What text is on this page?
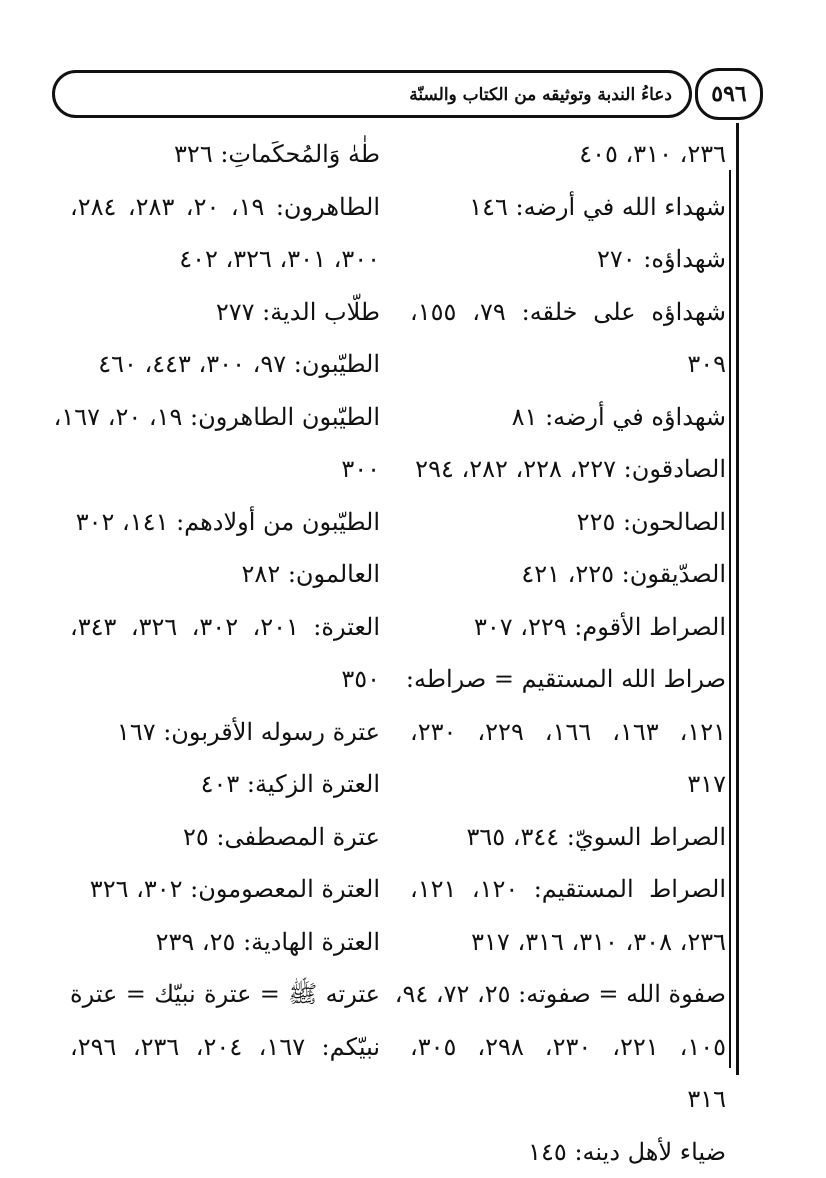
دعاءُ الندبة وتوثيقه من الكتاب والسنّة	٥٩٦
٢٣٦، ٣١٠، ٤٠٥
شهداء الله في أرضه: ١٤٦
شهداؤه: ٢٧٠
شهداؤه على خلقه: ٧٩، ١٥٥،
٣٠٩
شهداؤه في أرضه: ٨١
الصادقون: ٢٢٧، ٢٢٨، ٢٨٢، ٢٩٤
الصالحون: ٢٢٥
الصدّيقون: ٢٢٥، ٤٢١
الصراط الأقوم: ٢٢٩، ٣٠٧
صراط الله المستقيم = صراطه:
١٢١، ١٦٣، ١٦٦، ٢٢٩، ٢٣٠،
٣١٧
الصراط السويّ: ٣٤٤، ٣٦٥
الصراط المستقيم: ١٢٠، ١٢١،
٢٣٦، ٣٠٨، ٣١٠، ٣١٦، ٣١٧
صفوة الله = صفوته: ٢٥، ٧٢، ٩٤،
١٠٥، ٢٢١، ٢٣٠، ٢٩٨، ٣٠٥،
٣١٦
ضياء لأهل دينه: ١٤٥
طٰهٰ وَالمُحكَماتِ: ٣٢٦
الطاهرون: ١٩، ٢٠، ٢٨٣، ٢٨٤،
٣٠٠، ٣٠١، ٣٢٦، ٤٠٢
طلّاب الدية: ٢٧٧
الطيّبون: ٩٧، ٣٠٠، ٤٤٣، ٤٦٠
الطيّبون الطاهرون: ١٩، ٢٠، ١٦٧،
٣٠٠
الطيّبون من أولادهم: ١٤١، ٣٠٢
العالمون: ٢٨٢
العترة: ٢٠١، ٣٠٢، ٣٢٦، ٣٤٣،
٣٥٠
عترة رسوله الأقربون: ١٦٧
العترة الزكية: ٤٠٣
عترة المصطفى: ٢٥
العترة المعصومون: ٣٠٢، ٣٢٦
العترة الهادية: ٢٥، ٢٣٩
عترته ﷺ = عترة نبيّك = عترة
نبيّكم: ١٦٧، ٢٠٤، ٢٣٦، ٢٩٦،
